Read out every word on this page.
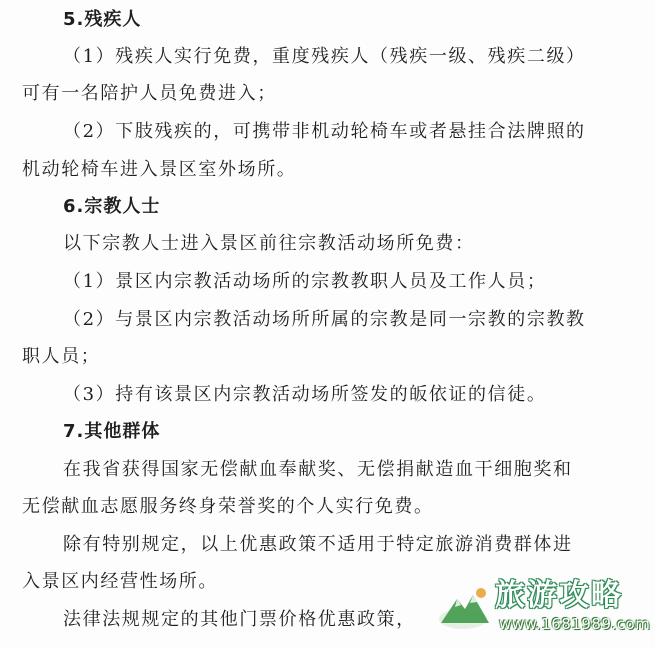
5.残疾人
（1）残疾人实行免费，重度残疾人（残疾一级、残疾二级）
可有一名陪护人员免费进入；
（2）下肢残疾的，可携带非机动轮椅车或者悬挂合法牌照的
机动轮椅车进入景区室外场所。
6.宗教人士
以下宗教人士进入景区前往宗教活动场所免费：
（1）景区内宗教活动场所的宗教教职人员及工作人员；
（2）与景区内宗教活动场所所属的宗教是同一宗教的宗教教
职人员；
（3）持有该景区内宗教活动场所签发的皈依证的信徒。
7.其他群体
在我省获得国家无偿献血奉献奖、无偿捐献造血干细胞奖和
无偿献血志愿服务终身荣誉奖的个人实行免费。
除有特别规定，以上优惠政策不适用于特定旅游消费群体进
入景区内经营性场所。
法律法规规定的其他门票价格优惠政策，
旅游攻略
www.1681989.com
